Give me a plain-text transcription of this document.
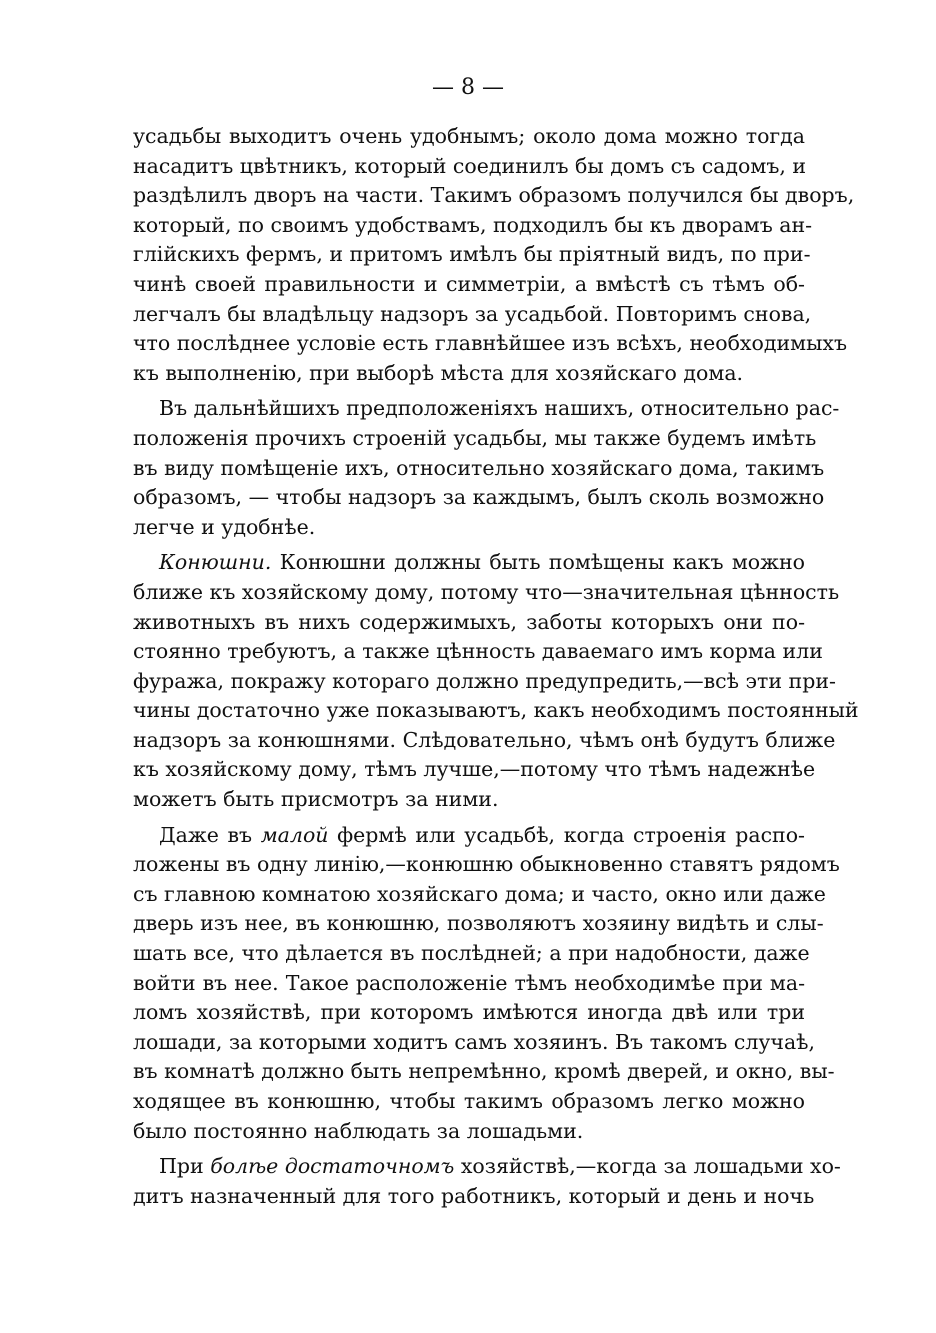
— 8 —
усадьбы выходитъ очень удобнымъ; около дома можно тогда
насадитъ цвѣтникъ, который соединилъ бы домъ съ садомъ, и
раздѣлилъ дворъ на части. Такимъ образомъ получился бы дворъ,
который, по своимъ удобствамъ, подходилъ бы къ дворамъ ан-
глійскихъ фермъ, и притомъ имѣлъ бы пріятный видъ, по при-
чинѣ своей правильности и симметріи, а вмѣстѣ съ тѣмъ об-
легчалъ бы владѣльцу надзоръ за усадьбой. Повторимъ снова,
что послѣднее условіе есть главнѣйшее изъ всѣхъ, необходимыхъ
къ выполненію, при выборѣ мѣста для хозяйскаго дома.
Въ дальнѣйшихъ предположеніяхъ нашихъ, относительно рас-
положенія прочихъ строеній усадьбы, мы также будемъ имѣть
въ виду помѣщеніе ихъ, относительно хозяйскаго дома, такимъ
образомъ, — чтобы надзоръ за каждымъ, былъ сколь возможно
легче и удобнѣе.
Конюшни. Конюшни должны быть помѣщены какъ можно
ближе къ хозяйскому дому, потому что—значительная цѣнность
животныхъ въ нихъ содержимыхъ, заботы которыхъ они по-
стоянно требуютъ, а также цѣнность даваемаго имъ корма или
фуража, покражу котораго должно предупредить,—всѣ эти при-
чины достаточно уже показываютъ, какъ необходимъ постоянный
надзоръ за конюшнями. Слѣдовательно, чѣмъ онѣ будутъ ближе
къ хозяйскому дому, тѣмъ лучше,—потому что тѣмъ надежнѣе
можетъ быть присмотръ за ними.
Даже въ малой фермѣ или усадьбѣ, когда строенія распо-
ложены въ одну линію,—конюшню обыкновенно ставятъ рядомъ
съ главною комнатою хозяйскаго дома; и часто, окно или даже
дверь изъ нее, въ конюшню, позволяютъ хозяину видѣть и слы-
шать все, что дѣлается въ послѣдней; а при надобности, даже
войти въ нее. Такое расположеніе тѣмъ необходимѣе при ма-
ломъ хозяйствѣ, при которомъ имѣются иногда двѣ или три
лошади, за которыми ходитъ самъ хозяинъ. Въ такомъ случаѣ,
въ комнатѣ должно быть непремѣнно, кромѣ дверей, и окно, вы-
ходящее въ конюшню, чтобы такимъ образомъ легко можно
было постоянно наблюдать за лошадьми.
При болѣе достаточномъ хозяйствѣ,—когда за лошадьми хо-
дитъ назначенный для того работникъ, который и день и ночь
